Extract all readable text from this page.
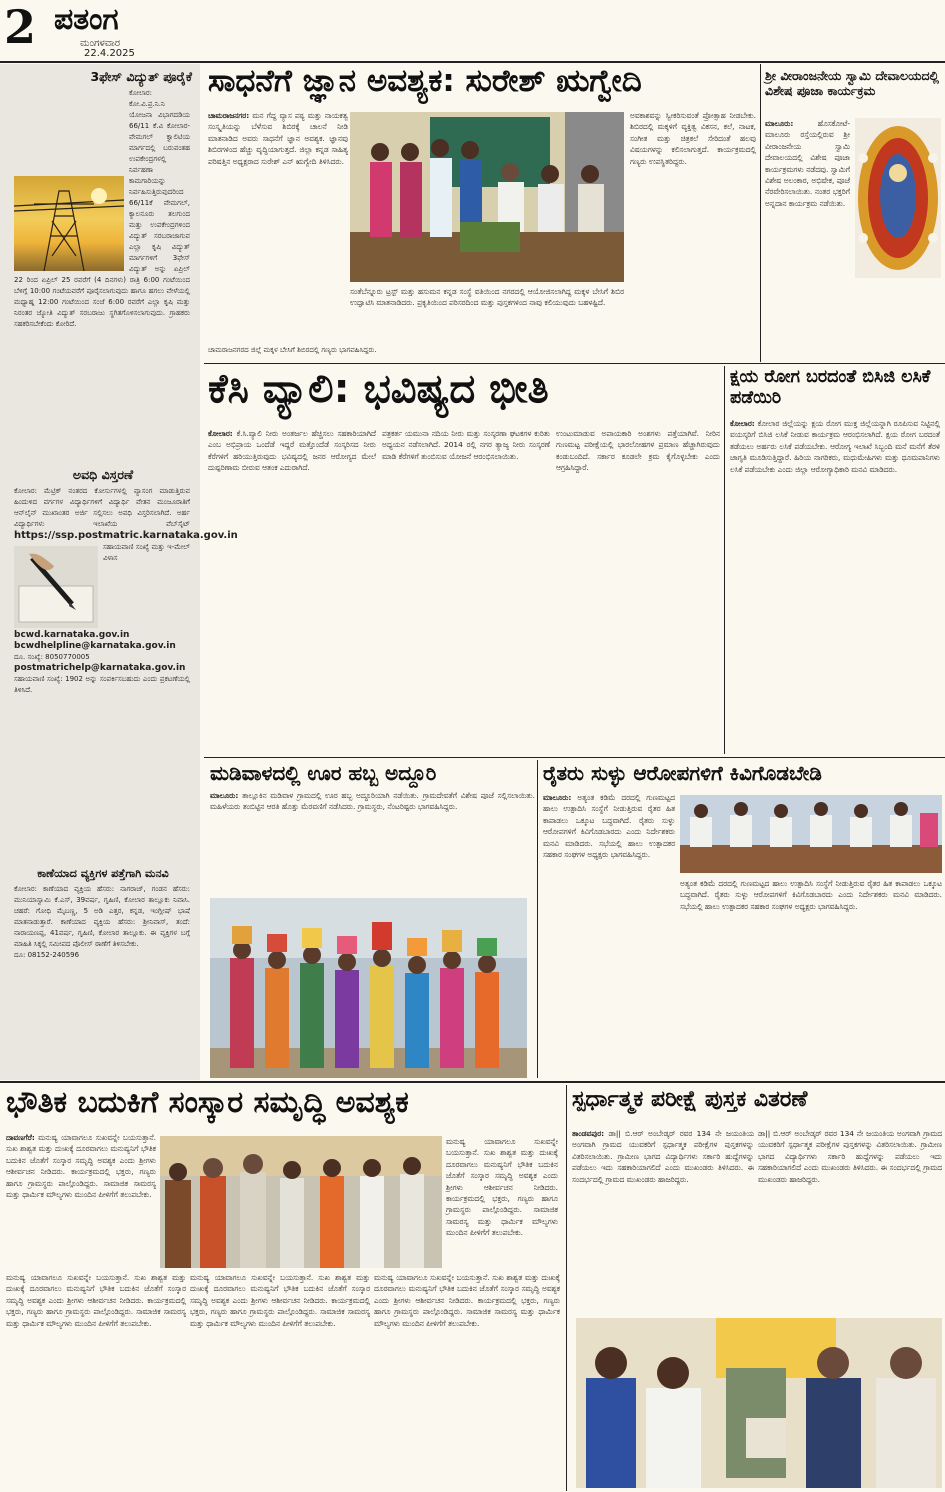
2 ಪತಂಗ
ಮಂಗಳವಾರ
22.4.2025
3ಫೇಸ್ ವಿದ್ಯುತ್ ಪೂರೈಕೆ
ಕೋಲಾರ: ಕೋ.ವಿ.ಪ್ರ.ನಿ.ನಿ ಯೋಜನಾ ವಿಭಾಗದಡಿಯ 66/11 ಕೆ.ವಿ ಕೋಲಾರ-ವೇಮಗಲ್ ಕ್ವಾಲಿಟಿಯ ಮಾರ್ಗದಲ್ಲಿ ಬರುವಂತಹ ಉಪಕೇಂದ್ರಗಳಲ್ಲಿ ನಿರ್ವಹಣಾ ಕಾಮಗಾರಿಯನ್ನು ನಿರ್ವಹಿಸುತ್ತಿರುವುದರಿಂದ 66/11ಕೆ ವೇಮಗಲ್, ಕ್ಯಾಲನೂರು ತಲಗುಂದ ಮತ್ತು ಉಪಕೇಂದ್ರಗಳಿಂದ ವಿದ್ಯುತ್ ಸರಬರಾಜಾಗುವ ಎಲ್ಲಾ ಕೃಷಿ ವಿದ್ಯುತ್ ಮಾರ್ಗಗಳಿಗೆ 3ಫೇಸ್ ವಿದ್ಯುತ್ ಅನ್ನು ಏಪ್ರಿಲ್ 22 ರಿಂದ ಏಪ್ರಿಲ್ 25 ರವರೆಗೆ (4 ದಿನಗಳು) ರಾತ್ರಿ 6:00 ಗಂಟೆಯಿಂದ ಬೆಳಿಗ್ಗೆ 10:00 ಗಂಟೆಯವರೆಗೆ ಪೂರೈಸಲಾಗುವುದು ಹಾಗೂ ಹಗಲು ವೇಳೆಯಲ್ಲಿ ಮಧ್ಯಾಹ್ನ 12:00 ಗಂಟೆಯಿಂದ ಸಂಜೆ 6:00 ರವರೆಗೆ ಎಲ್ಲಾ ಕೃಷಿ ಮತ್ತು ನಿರಂತರ ಜ್ಯೋತಿ ವಿದ್ಯುತ್ ಸರಬರಾಜು ಸ್ಥಗಿತಗೊಳಿಸಲಾಗುವುದು. ಗ್ರಾಹಕರು ಸಹಕರಿಸಬೇಕೆಂದು ಕೋರಿದೆ.
ಅವಧಿ ವಿಸ್ತರಣೆ
ಕೋಲಾರ: ಮೆಟ್ರಿಕ್ ನಂತರದ ಕೋರ್ಸುಗಳಲ್ಲಿ ವ್ಯಾಸಂಗ ಮಾಡುತ್ತಿರುವ ಹಿಂದುಳಿದ ವರ್ಗಗಳ ವಿದ್ಯಾರ್ಥಿಗಳಿಗೆ ವಿದ್ಯಾರ್ಥಿ ವೇತನ ಮಂಜೂರಾತಿಗೆ ಆನ್‌ಲೈನ್ ಮುಖಾಂತರ ಅರ್ಜಿ ಸಲ್ಲಿಸಲು ಅವಧಿ ವಿಸ್ತರಿಸಲಾಗಿದೆ. ಅರ್ಹ ವಿದ್ಯಾರ್ಥಿಗಳು ಇಲಾಖೆಯ ವೆಬ್‌ಸೈಟ್ https://ssp.postmatric.karnataka.gov.in
ಸಹಾಯವಾಣಿ ಸಂಖ್ಯೆ ಮತ್ತು ಇ-ಮೇಲ್ ವಿಳಾಸ
bcwd.karnataka.gov.in
bcwdhelpline@karnataka.gov.in
ದೂ. ಸಂಖ್ಯೆ: 8050770005
postmatrichelp@karnataka.gov.in
ಸಹಾಯವಾಣಿ ಸಂಖ್ಯೆ: 1902 ಅನ್ನು ಸಂಪರ್ಕಿಸಬಹುದು ಎಂದು ಪ್ರಕಟಣೆಯಲ್ಲಿ ತಿಳಿಸಿದೆ.
ಕಾಣೆಯಾದ ವ್ಯಕ್ತಿಗಳ ಪತ್ತೆಗಾಗಿ ಮನವಿ
ಕೋಲಾರ: ಕಾಣೆಯಾದ ವ್ಯಕ್ತಿಯ ಹೆಸರು: ನಾಗರಾಜ್, ಗಂಡನ ಹೆಸರು: ಮುನಿಯಾಸ್ವಾಮಿ ಕೆ.ಎಸ್, 39ವರ್ಷ, ಗೃಹಿಣಿ, ಕೋಲಾರ ತಾಲ್ಲೂಕು ನಿವಾಸಿ. ಚಹರೆ: ಗೋಧಿ ಮೈಬಣ್ಣ, 5 ಅಡಿ ಎತ್ತರ, ಕನ್ನಡ, ಇಂಗ್ಲೀಷ್ ಭಾಷೆ ಮಾತನಾಡುತ್ತಾರೆ. ಕಾಣೆಯಾದ ವ್ಯಕ್ತಿಯ ಹೆಸರು: ಶ್ರೀನಿವಾಸ್, ತಂದೆ: ನಾರಾಯಣಪ್ಪ, 41ವರ್ಷ, ಗೃಹಿಣಿ, ಕೋಲಾರ ತಾಲ್ಲೂಕು. ಈ ವ್ಯಕ್ತಿಗಳ ಬಗ್ಗೆ ಮಾಹಿತಿ ಸಿಕ್ಕಲ್ಲಿ ಸಮೀಪದ ಪೊಲೀಸ್ ಠಾಣೆಗೆ ತಿಳಿಸಬೇಕು.
ದೂ: 08152-240596
ಸಾಧನೆಗೆ ಜ್ಞಾನ ಅವಶ್ಯಕ: ಸುರೇಶ್ ಋಗ್ವೇದಿ
ಚಾಮರಾಜನಗರ: ಮನ ಗೆದ್ದ ವ್ಯಾಸ ಪಠ್ಯ ಮತ್ತು ನಾಯಕತ್ವ ಸಂಸ್ಕೃತಿಯನ್ನು ಬೆಳೆಸುವ ಶಿಬಿರಕ್ಕೆ ಚಾಲನೆ ನೀಡಿ ಮಾತನಾಡಿದ ಅವರು ಸಾಧನೆಗೆ ಜ್ಞಾನ ಅವಶ್ಯಕ. ಜ್ಞಾನವು ಶಿಬಿರಗಳಿಂದ ಹೆಚ್ಚು ವೃದ್ಧಿಯಾಗುತ್ತದೆ. ಜಿಲ್ಲಾ ಕನ್ನಡ ಸಾಹಿತ್ಯ ಪರಿಷತ್ತಿನ ಅಧ್ಯಕ್ಷರಾದ ಸುರೇಶ್ ಎನ್ ಋಗ್ವೇದಿ ತಿಳಿಸಿದರು.
ಸಂತೆಬೆನ್ನೂರು ಟ್ರಸ್ಟ್ ಮತ್ತು ಹಸುಮನ ಕನ್ನಡ ಸಂಸ್ಥೆ ವತಿಯಿಂದ ನಗರದಲ್ಲಿ ಆಯೋಜಿಸಲಾಗಿದ್ದ ಮಕ್ಕಳ ಬೇಸಿಗೆ ಶಿಬಿರ ಉದ್ಘಾಟಿಸಿ ಮಾತನಾಡಿದರು. ಪ್ರಕೃತಿಯಿಂದ ಪರಿಸರದಿಂದ ಮತ್ತು ಪುಸ್ತಕಗಳಿಂದ ನಾವು ಕಲಿಯುವುದು ಬಹಳಷ್ಟಿದೆ.
ಅವಕಾಶವನ್ನು ಸ್ವೀಕರಿಸುವಂತೆ ಪ್ರೋತ್ಸಾಹ ನೀಡಬೇಕು. ಶಿಬಿರದಲ್ಲಿ ಮಕ್ಕಳಿಗೆ ವ್ಯಕ್ತಿತ್ವ ವಿಕಸನ, ಕಲೆ, ನಾಟಕ, ಸಂಗೀತ ಮತ್ತು ಚಿತ್ರಕಲೆ ಸೇರಿದಂತೆ ಹಲವು ವಿಷಯಗಳನ್ನು ಕಲಿಸಲಾಗುತ್ತದೆ. ಕಾರ್ಯಕ್ರಮದಲ್ಲಿ ಗಣ್ಯರು ಉಪಸ್ಥಿತರಿದ್ದರು.
ಚಾಮರಾಜನಗರದ ಜಿಲ್ಲೆ ಮಕ್ಕಳ ಬೇಸಿಗೆ ಶಿಬಿರದಲ್ಲಿ ಗಣ್ಯರು ಭಾಗವಹಿಸಿದ್ದರು.
ಶ್ರೀ ವೀರಾಂಜನೇಯ ಸ್ವಾಮಿ ದೇವಾಲಯದಲ್ಲಿ ವಿಶೇಷ ಪೂಜಾ ಕಾರ್ಯಕ್ರಮ
ಮಾಲೂರು:	ಹೊಸಕೋಟೆ-ಮಾಲೂರು ರಸ್ತೆಯಲ್ಲಿರುವ ಶ್ರೀ ವೀರಾಂಜನೇಯ ಸ್ವಾಮಿ ದೇವಾಲಯದಲ್ಲಿ ವಿಶೇಷ ಪೂಜಾ ಕಾರ್ಯಕ್ರಮಗಳು ನಡೆದವು. ಸ್ವಾಮಿಗೆ ವಿಶೇಷ ಅಲಂಕಾರ, ಅಭಿಷೇಕ, ಪೂಜೆ ನೆರವೇರಿಸಲಾಯಿತು. ನಂತರ ಭಕ್ತರಿಗೆ ಅನ್ನದಾನ ಕಾರ್ಯಕ್ರಮ ನಡೆಯಿತು.
ಕೆಸಿ ವ್ಯಾಲಿ: ಭವಿಷ್ಯದ ಭೀತಿ
ಕೋಲಾರ: ಕೆ.ಸಿ.ವ್ಯಾಲಿ ನೀರು ಅಂತರ್ಜಲ ಹೆಚ್ಚಿಸಲು ಸಹಕಾರಿಯಾಗಿದೆ ಎಂಬ ಅಭಿಪ್ರಾಯ ಒಂದೆಡೆ ಇದ್ದರೆ ಮತ್ತೊಂದೆಡೆ ಸಂಸ್ಕರಿಸದ ನೀರು ಕೆರೆಗಳಿಗೆ ಹರಿಯುತ್ತಿರುವುದು ಭವಿಷ್ಯದಲ್ಲಿ ಜನರ ಆರೋಗ್ಯದ ಮೇಲೆ ದುಷ್ಪರಿಣಾಮ ಬೀರುವ ಆತಂಕ ಎದುರಾಗಿದೆ.
ಪತ್ರಕರ್ತ ಯಮುನಾ ನದಿಯ ನೀರು ಮತ್ತು ಸಂಸ್ಕರಣಾ ಘಟಕಗಳ ಕುರಿತು ಅಧ್ಯಯನ ನಡೆಸಲಾಗಿದೆ. 2014 ರಲ್ಲಿ ನಗರ ತ್ಯಾಜ್ಯ ನೀರು ಸಂಸ್ಕರಣೆ ಮಾಡಿ ಕೆರೆಗಳಿಗೆ ತುಂಬಿಸುವ ಯೋಜನೆ ಆರಂಭಿಸಲಾಯಿತು.
ಉಂಟುಮಾಡುವ ಅಪಾಯಕಾರಿ ಅಂಶಗಳು ಪತ್ತೆಯಾಗಿವೆ. ನೀರಿನ ಗುಣಮಟ್ಟ ಪರೀಕ್ಷೆಯಲ್ಲಿ ಭಾರಲೋಹಗಳ ಪ್ರಮಾಣ ಹೆಚ್ಚಾಗಿರುವುದು ಕಂಡುಬಂದಿದೆ. ಸರ್ಕಾರ ಕೂಡಲೇ ಕ್ರಮ ಕೈಗೊಳ್ಳಬೇಕು ಎಂದು ಆಗ್ರಹಿಸಿದ್ದಾರೆ.
ಕ್ಷಯ ರೋಗ ಬರದಂತೆ ಬಿಸಿಜಿ ಲಸಿಕೆ ಪಡೆಯಿರಿ
ಕೋಲಾರ: ಕೋಲಾರ ಜಿಲ್ಲೆಯನ್ನು ಕ್ಷಯ ರೋಗ ಮುಕ್ತ ಜಿಲ್ಲೆಯನ್ನಾಗಿ ರೂಪಿಸುವ ನಿಟ್ಟಿನಲ್ಲಿ ವಯಸ್ಕರಿಗೆ ಬಿಸಿಜಿ ಲಸಿಕೆ ನೀಡುವ ಕಾರ್ಯಕ್ರಮ ಆರಂಭಿಸಲಾಗಿದೆ. ಕ್ಷಯ ರೋಗ ಬರದಂತೆ ತಡೆಯಲು ಅರ್ಹರು ಲಸಿಕೆ ಪಡೆಯಬೇಕು. ಆರೋಗ್ಯ ಇಲಾಖೆ ಸಿಬ್ಬಂದಿ ಮನೆ ಮನೆಗೆ ತೆರಳಿ ಜಾಗೃತಿ ಮೂಡಿಸುತ್ತಿದ್ದಾರೆ. ಹಿರಿಯ ನಾಗರಿಕರು, ಮಧುಮೇಹಿಗಳು ಮತ್ತು ಧೂಮಪಾನಿಗಳು ಲಸಿಕೆ ಪಡೆಯಬೇಕು ಎಂದು ಜಿಲ್ಲಾ ಆರೋಗ್ಯಾಧಿಕಾರಿ ಮನವಿ ಮಾಡಿದರು.
ಮಡಿವಾಳದಲ್ಲಿ ಊರ ಹಬ್ಬ ಅದ್ದೂರಿ
ಮಾಲೂರು: ತಾಲ್ಲೂಕಿನ ಮಡಿವಾಳ ಗ್ರಾಮದಲ್ಲಿ ಊರ ಹಬ್ಬ ಅದ್ದೂರಿಯಾಗಿ ನಡೆಯಿತು. ಗ್ರಾಮದೇವತೆಗೆ ವಿಶೇಷ ಪೂಜೆ ಸಲ್ಲಿಸಲಾಯಿತು. ಮಹಿಳೆಯರು ತಂಬಿಟ್ಟಿನ ಆರತಿ ಹೊತ್ತು ಮೆರವಣಿಗೆ ನಡೆಸಿದರು. ಗ್ರಾಮಸ್ಥರು, ನೆಂಟರಿಷ್ಟರು ಭಾಗವಹಿಸಿದ್ದರು.
ರೈತರು ಸುಳ್ಳು ಆರೋಪಗಳಿಗೆ ಕಿವಿಗೊಡಬೇಡಿ
ಮಾಲೂರು: ಅತ್ಯಂತ ಕಡಿಮೆ ದರದಲ್ಲಿ ಗುಣಮಟ್ಟದ ಹಾಲು ಉತ್ಪಾದಿಸಿ ಸಂಸ್ಥೆಗೆ ನೀಡುತ್ತಿರುವ ರೈತರ ಹಿತ ಕಾಪಾಡಲು ಒಕ್ಕೂಟ ಬದ್ಧವಾಗಿದೆ. ರೈತರು ಸುಳ್ಳು ಆರೋಪಗಳಿಗೆ ಕಿವಿಗೊಡಬಾರದು ಎಂದು ನಿರ್ದೇಶಕರು ಮನವಿ ಮಾಡಿದರು. ಸಭೆಯಲ್ಲಿ ಹಾಲು ಉತ್ಪಾದಕರ ಸಹಕಾರ ಸಂಘಗಳ ಅಧ್ಯಕ್ಷರು ಭಾಗವಹಿಸಿದ್ದರು.
ಅತ್ಯಂತ ಕಡಿಮೆ ದರದಲ್ಲಿ ಗುಣಮಟ್ಟದ ಹಾಲು ಉತ್ಪಾದಿಸಿ ಸಂಸ್ಥೆಗೆ ನೀಡುತ್ತಿರುವ ರೈತರ ಹಿತ ಕಾಪಾಡಲು ಒಕ್ಕೂಟ ಬದ್ಧವಾಗಿದೆ. ರೈತರು ಸುಳ್ಳು ಆರೋಪಗಳಿಗೆ ಕಿವಿಗೊಡಬಾರದು ಎಂದು ನಿರ್ದೇಶಕರು ಮನವಿ ಮಾಡಿದರು. ಸಭೆಯಲ್ಲಿ ಹಾಲು ಉತ್ಪಾದಕರ ಸಹಕಾರ ಸಂಘಗಳ ಅಧ್ಯಕ್ಷರು ಭಾಗವಹಿಸಿದ್ದರು.
ಭೌತಿಕ ಬದುಕಿಗೆ ಸಂಸ್ಕಾರ ಸಮೃದ್ಧಿ ಅವಶ್ಯಕ
ದಾವಣಗೆರೆ: ಮನುಷ್ಯ ಯಾವಾಗಲೂ ಸುಖವನ್ನೇ ಬಯಸುತ್ತಾನೆ. ಸುಖ ಶಾಶ್ವತ ಮತ್ತು ದುಃಖಕ್ಕೆ ದೂರವಾಗಲು ಮನುಷ್ಯನಿಗೆ ಭೌತಿಕ ಬದುಕಿನ ಜೊತೆಗೆ ಸಂಸ್ಕಾರ ಸಮೃದ್ಧಿ ಅವಶ್ಯಕ ಎಂದು ಶ್ರೀಗಳು ಆಶೀರ್ವಚನ ನೀಡಿದರು. ಕಾರ್ಯಕ್ರಮದಲ್ಲಿ ಭಕ್ತರು, ಗಣ್ಯರು ಹಾಗೂ ಗ್ರಾಮಸ್ಥರು ಪಾಲ್ಗೊಂಡಿದ್ದರು. ಸಾಮಾಜಿಕ ಸಾಮರಸ್ಯ ಮತ್ತು ಧಾರ್ಮಿಕ ಮೌಲ್ಯಗಳು ಮುಂದಿನ ಪೀಳಿಗೆಗೆ ತಲುಪಬೇಕು.
ಮನುಷ್ಯ ಯಾವಾಗಲೂ ಸುಖವನ್ನೇ ಬಯಸುತ್ತಾನೆ. ಸುಖ ಶಾಶ್ವತ ಮತ್ತು ದುಃಖಕ್ಕೆ ದೂರವಾಗಲು ಮನುಷ್ಯನಿಗೆ ಭೌತಿಕ ಬದುಕಿನ ಜೊತೆಗೆ ಸಂಸ್ಕಾರ ಸಮೃದ್ಧಿ ಅವಶ್ಯಕ ಎಂದು ಶ್ರೀಗಳು ಆಶೀರ್ವಚನ ನೀಡಿದರು. ಕಾರ್ಯಕ್ರಮದಲ್ಲಿ ಭಕ್ತರು, ಗಣ್ಯರು ಹಾಗೂ ಗ್ರಾಮಸ್ಥರು ಪಾಲ್ಗೊಂಡಿದ್ದರು. ಸಾಮಾಜಿಕ ಸಾಮರಸ್ಯ ಮತ್ತು ಧಾರ್ಮಿಕ ಮೌಲ್ಯಗಳು ಮುಂದಿನ ಪೀಳಿಗೆಗೆ ತಲುಪಬೇಕು.
ಮನುಷ್ಯ ಯಾವಾಗಲೂ ಸುಖವನ್ನೇ ಬಯಸುತ್ತಾನೆ. ಸುಖ ಶಾಶ್ವತ ಮತ್ತು ದುಃಖಕ್ಕೆ ದೂರವಾಗಲು ಮನುಷ್ಯನಿಗೆ ಭೌತಿಕ ಬದುಕಿನ ಜೊತೆಗೆ ಸಂಸ್ಕಾರ ಸಮೃದ್ಧಿ ಅವಶ್ಯಕ ಎಂದು ಶ್ರೀಗಳು ಆಶೀರ್ವಚನ ನೀಡಿದರು. ಕಾರ್ಯಕ್ರಮದಲ್ಲಿ ಭಕ್ತರು, ಗಣ್ಯರು ಹಾಗೂ ಗ್ರಾಮಸ್ಥರು ಪಾಲ್ಗೊಂಡಿದ್ದರು. ಸಾಮಾಜಿಕ ಸಾಮರಸ್ಯ ಮತ್ತು ಧಾರ್ಮಿಕ ಮೌಲ್ಯಗಳು ಮುಂದಿನ ಪೀಳಿಗೆಗೆ ತಲುಪಬೇಕು.
ಮನುಷ್ಯ ಯಾವಾಗಲೂ ಸುಖವನ್ನೇ ಬಯಸುತ್ತಾನೆ. ಸುಖ ಶಾಶ್ವತ ಮತ್ತು ದುಃಖಕ್ಕೆ ದೂರವಾಗಲು ಮನುಷ್ಯನಿಗೆ ಭೌತಿಕ ಬದುಕಿನ ಜೊತೆಗೆ ಸಂಸ್ಕಾರ ಸಮೃದ್ಧಿ ಅವಶ್ಯಕ ಎಂದು ಶ್ರೀಗಳು ಆಶೀರ್ವಚನ ನೀಡಿದರು. ಕಾರ್ಯಕ್ರಮದಲ್ಲಿ ಭಕ್ತರು, ಗಣ್ಯರು ಹಾಗೂ ಗ್ರಾಮಸ್ಥರು ಪಾಲ್ಗೊಂಡಿದ್ದರು. ಸಾಮಾಜಿಕ ಸಾಮರಸ್ಯ ಮತ್ತು ಧಾರ್ಮಿಕ ಮೌಲ್ಯಗಳು ಮುಂದಿನ ಪೀಳಿಗೆಗೆ ತಲುಪಬೇಕು.
ಮನುಷ್ಯ ಯಾವಾಗಲೂ ಸುಖವನ್ನೇ ಬಯಸುತ್ತಾನೆ. ಸುಖ ಶಾಶ್ವತ ಮತ್ತು ದುಃಖಕ್ಕೆ ದೂರವಾಗಲು ಮನುಷ್ಯನಿಗೆ ಭೌತಿಕ ಬದುಕಿನ ಜೊತೆಗೆ ಸಂಸ್ಕಾರ ಸಮೃದ್ಧಿ ಅವಶ್ಯಕ ಎಂದು ಶ್ರೀಗಳು ಆಶೀರ್ವಚನ ನೀಡಿದರು. ಕಾರ್ಯಕ್ರಮದಲ್ಲಿ ಭಕ್ತರು, ಗಣ್ಯರು ಹಾಗೂ ಗ್ರಾಮಸ್ಥರು ಪಾಲ್ಗೊಂಡಿದ್ದರು. ಸಾಮಾಜಿಕ ಸಾಮರಸ್ಯ ಮತ್ತು ಧಾರ್ಮಿಕ ಮೌಲ್ಯಗಳು ಮುಂದಿನ ಪೀಳಿಗೆಗೆ ತಲುಪಬೇಕು.
ಸ್ಪರ್ಧಾತ್ಮಕ ಪರೀಕ್ಷೆ ಪುಸ್ತಕ ವಿತರಣೆ
ತಾಂಡವಪುರ: ಡಾ|| ಬಿ.ಆರ್ ಅಂಬೇಡ್ಕರ್ ರವರ 134 ನೇ ಜಯಂತಿಯ ಅಂಗವಾಗಿ ಗ್ರಾಮದ ಯುವಕರಿಗೆ ಸ್ಪರ್ಧಾತ್ಮಕ ಪರೀಕ್ಷೆಗಳ ಪುಸ್ತಕಗಳನ್ನು ವಿತರಿಸಲಾಯಿತು. ಗ್ರಾಮೀಣ ಭಾಗದ ವಿದ್ಯಾರ್ಥಿಗಳು ಸರ್ಕಾರಿ ಹುದ್ದೆಗಳನ್ನು ಪಡೆಯಲು ಇದು ಸಹಕಾರಿಯಾಗಲಿದೆ ಎಂದು ಮುಖಂಡರು ತಿಳಿಸಿದರು. ಈ ಸಂದರ್ಭದಲ್ಲಿ ಗ್ರಾಮದ ಮುಖಂಡರು ಹಾಜರಿದ್ದರು.
ಡಾ|| ಬಿ.ಆರ್ ಅಂಬೇಡ್ಕರ್ ರವರ 134 ನೇ ಜಯಂತಿಯ ಅಂಗವಾಗಿ ಗ್ರಾಮದ ಯುವಕರಿಗೆ ಸ್ಪರ್ಧಾತ್ಮಕ ಪರೀಕ್ಷೆಗಳ ಪುಸ್ತಕಗಳನ್ನು ವಿತರಿಸಲಾಯಿತು. ಗ್ರಾಮೀಣ ಭಾಗದ ವಿದ್ಯಾರ್ಥಿಗಳು ಸರ್ಕಾರಿ ಹುದ್ದೆಗಳನ್ನು ಪಡೆಯಲು ಇದು ಸಹಕಾರಿಯಾಗಲಿದೆ ಎಂದು ಮುಖಂಡರು ತಿಳಿಸಿದರು. ಈ ಸಂದರ್ಭದಲ್ಲಿ ಗ್ರಾಮದ ಮುಖಂಡರು ಹಾಜರಿದ್ದರು.
